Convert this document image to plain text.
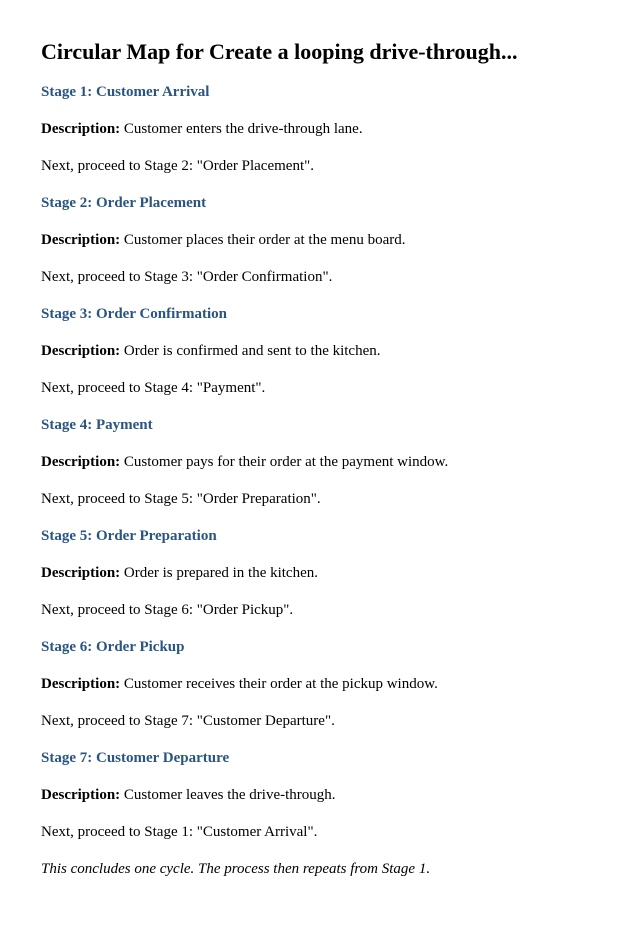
Circular Map for Create a looping drive-through...
Stage 1: Customer Arrival

Description: Customer enters the drive-through lane.

Next, proceed to Stage 2: "Order Placement".

Stage 2: Order Placement

Description: Customer places their order at the menu board.

Next, proceed to Stage 3: "Order Confirmation".

Stage 3: Order Confirmation

Description: Order is confirmed and sent to the kitchen.

Next, proceed to Stage 4: "Payment".

Stage 4: Payment

Description: Customer pays for their order at the payment window.

Next, proceed to Stage 5: "Order Preparation".

Stage 5: Order Preparation

Description: Order is prepared in the kitchen.

Next, proceed to Stage 6: "Order Pickup".

Stage 6: Order Pickup

Description: Customer receives their order at the pickup window.

Next, proceed to Stage 7: "Customer Departure".

Stage 7: Customer Departure

Description: Customer leaves the drive-through.

Next, proceed to Stage 1: "Customer Arrival".

This concludes one cycle. The process then repeats from Stage 1.
